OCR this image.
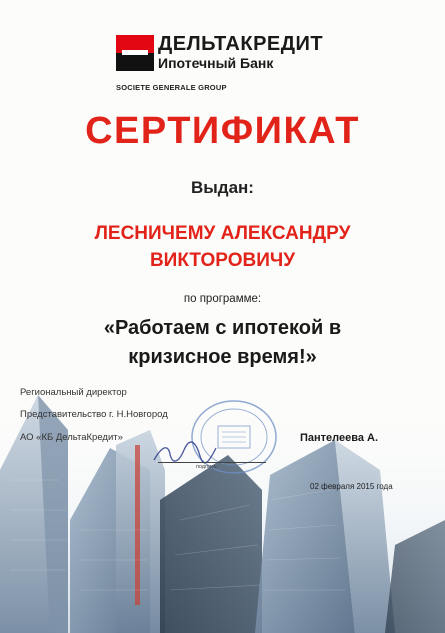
ДЕЛЬТАКРЕДИТ
Ипотечный Банк
SOCIETE GENERALE GROUP
СЕРТИФИКАТ
Выдан:
ЛЕСНИЧЕМУ АЛЕКСАНДРУ
ВИКТОРОВИЧУ
по программе:
«Работаем с ипотекой в
кризисное время!»
Региональный директор
Представительство г. Н.Новгород
АО «КБ ДельтаКредит»	Пантелеева А.
подпись
02 февраля 2015 года
